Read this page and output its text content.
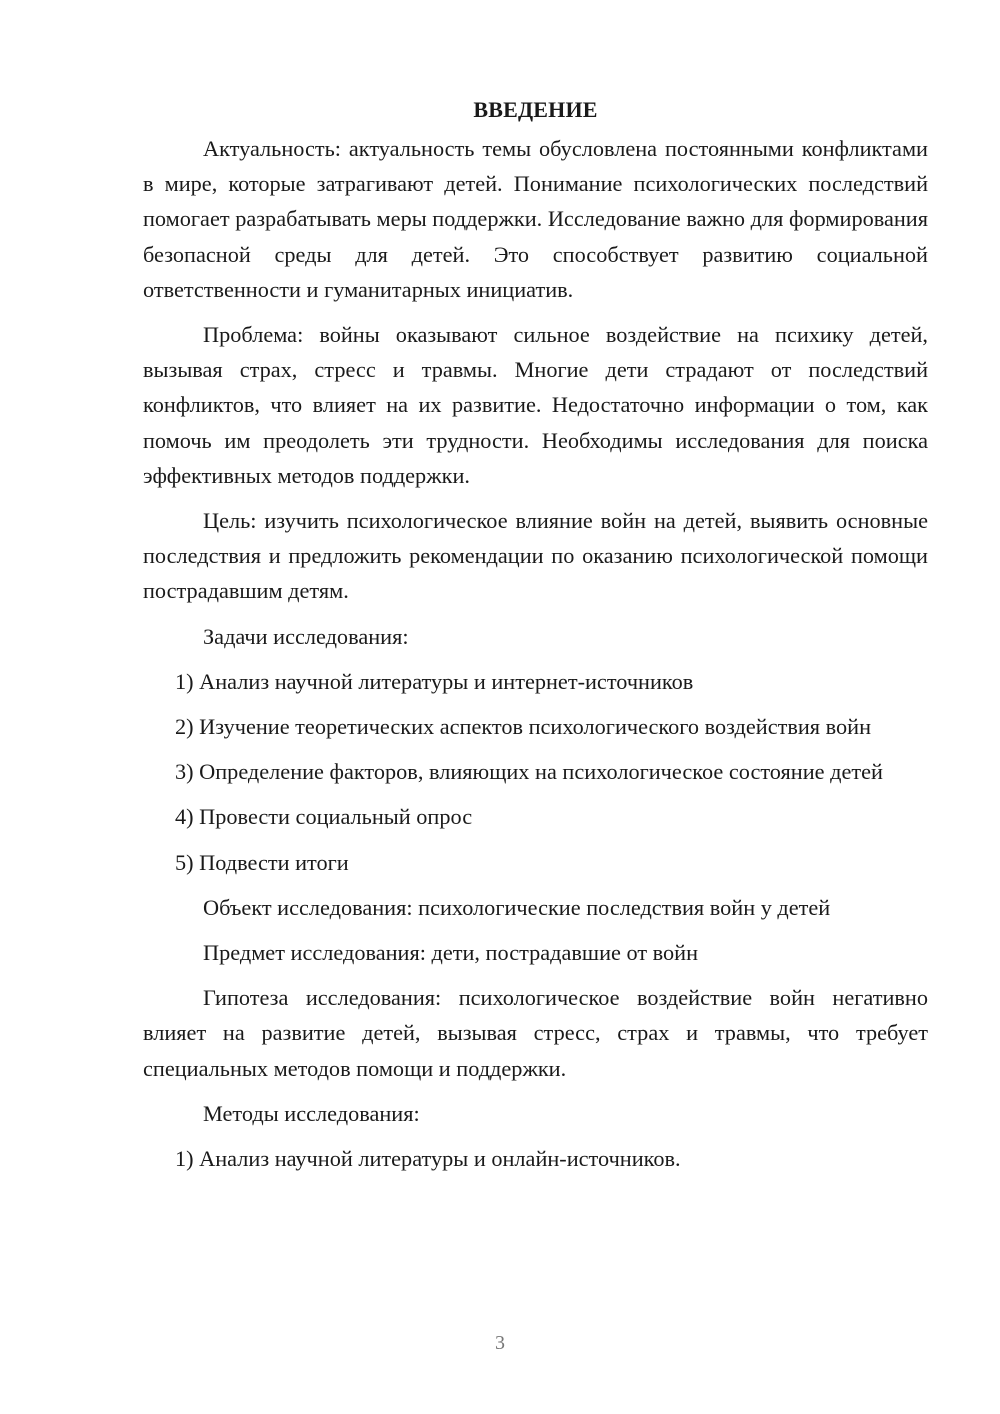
ВВЕДЕНИЕ

Актуальность: актуальность темы обусловлена постоянными конфликтами в мире, которые затрагивают детей. Понимание психологических последствий помогает разрабатывать меры поддержки. Исследование важно для формирования безопасной среды для детей. Это способствует развитию социальной ответственности и гуманитарных инициатив.

Проблема: войны оказывают сильное воздействие на психику детей, вызывая страх, стресс и травмы. Многие дети страдают от последствий конфликтов, что влияет на их развитие. Недостаточно информации о том, как помочь им преодолеть эти трудности. Необходимы исследования для поиска эффективных методов поддержки.

Цель: изучить психологическое влияние войн на детей, выявить основные последствия и предложить рекомендации по оказанию психологической помощи пострадавшим детям.

Задачи исследования:

1) Анализ научной литературы и интернет-источников

2) Изучение теоретических аспектов психологического воздействия войн

3) Определение факторов, влияющих на психологическое состояние детей

4) Провести социальный опрос

5) Подвести итоги

Объект исследования: психологические последствия войн у детей

Предмет исследования: дети, пострадавшие от войн

Гипотеза исследования: психологическое воздействие войн негативно влияет на развитие детей, вызывая стресс, страх и травмы, что требует специальных методов помощи и поддержки.

Методы исследования:

1) Анализ научной литературы и онлайн-источников.

3
